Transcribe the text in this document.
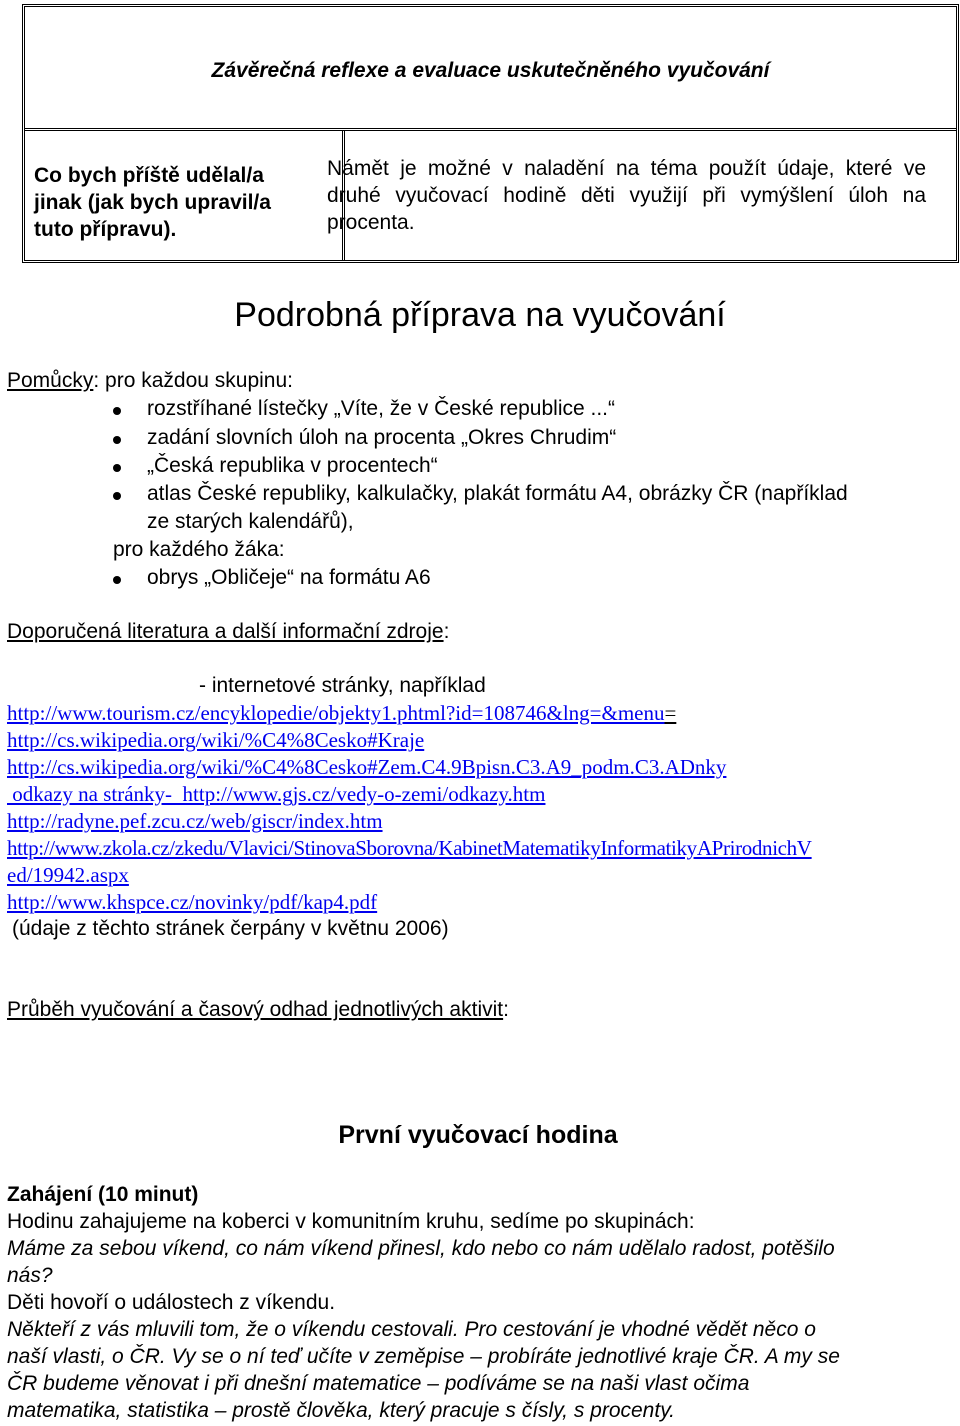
Závěrečná reflexe a evaluace uskutečněného vyučování
Co bych příště udělal/a
jinak (jak bych upravil/a
tuto přípravu).
Námět je možné v naladění na téma použít údaje, které ve druhé vyučovací hodině děti využijí při vymýšlení úloh na procenta.
Podrobná příprava na vyučování
Pomůcky: pro každou skupinu:
rozstříhané lístečky „Víte, že v České republice ...“
zadání slovních úloh na procenta „Okres Chrudim“
„Česká republika v procentech“
atlas České republiky, kalkulačky, plakát formátu A4, obrázky ČR (například
ze starých kalendářů),
pro každého žáka:
obrys „Obličeje“ na formátu A6
Doporučená literatura a další informační zdroje:
- internetové stránky, například
http://www.tourism.cz/encyklopedie/objekty1.phtml?id=108746&lng=&menu=
http://cs.wikipedia.org/wiki/%C4%8Cesko#Kraje
http://cs.wikipedia.org/wiki/%C4%8Cesko#Zem.C4.9Bpisn.C3.A9_podm.C3.ADnky
odkazy na stránky-  http://www.gjs.cz/vedy-o-zemi/odkazy.htm
http://radyne.pef.zcu.cz/web/giscr/index.htm
http://www.zkola.cz/zkedu/Vlavici/StinovaSborovna/KabinetMatematikyInformatikyAPrirodnichV
ed/19942.aspx
http://www.khspce.cz/novinky/pdf/kap4.pdf
(údaje z těchto stránek čerpány v květnu 2006)
Průběh vyučování a časový odhad jednotlivých aktivit:
První vyučovací hodina
Zahájení (10 minut)
Hodinu zahajujeme na koberci v komunitním kruhu, sedíme po skupinách:
Máme za sebou víkend, co nám víkend přinesl, kdo nebo co nám udělalo radost, potěšilo
nás?
Děti hovoří o událostech z víkendu.
Někteří z vás mluvili tom, že o víkendu cestovali. Pro cestování je vhodné vědět něco o
naší vlasti, o ČR. Vy se o ní teď učíte v zeměpise – probíráte jednotlivé kraje ČR. A my se
ČR budeme věnovat i při dnešní matematice – podíváme se na naši vlast očima
matematika, statistika – prostě člověka, který pracuje s čísly, s procenty.
